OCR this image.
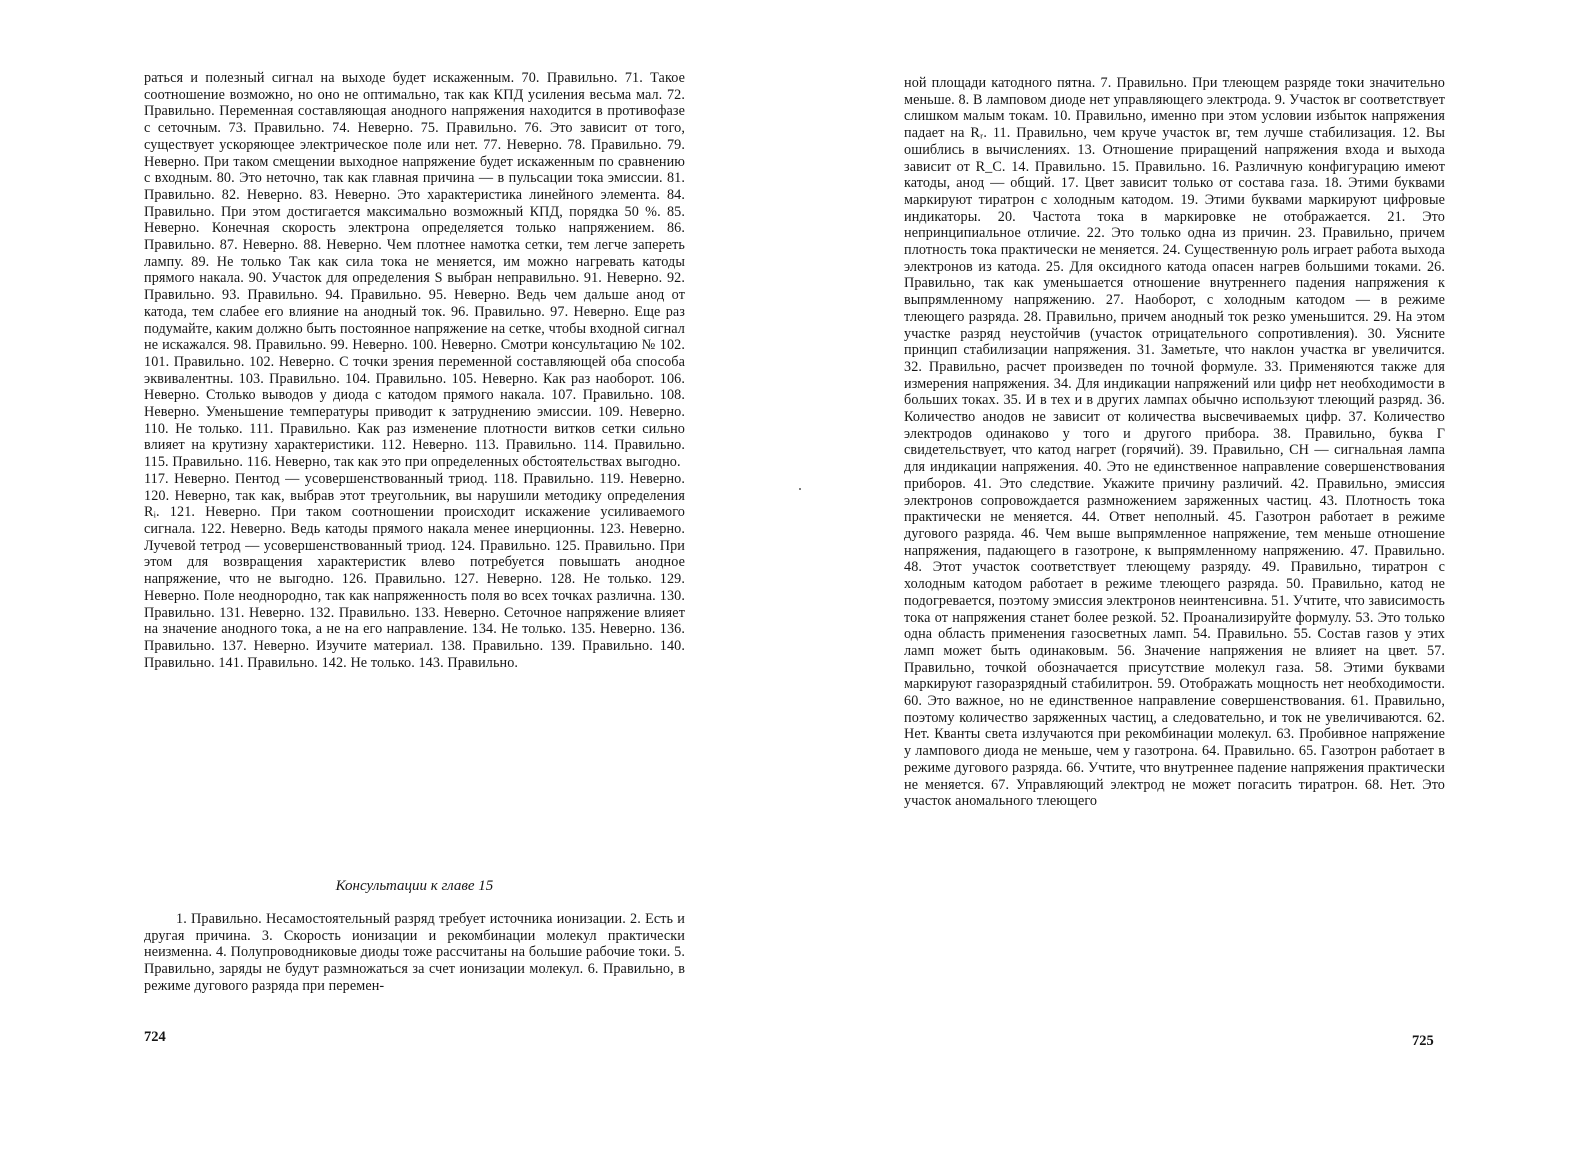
раться и полезный сигнал на выходе будет искаженным. 70. Правильно. 71. Такое соотношение возможно, но оно не оптимально, так как КПД усиления весьма мал. 72. Правильно. Переменная составляющая анодного напряжения находится в противофазе с сеточным. 73. Правильно. 74. Неверно. 75. Правильно. 76. Это зависит от того, существует ускоряющее электрическое поле или нет. 77. Неверно. 78. Правильно. 79. Неверно. При таком смещении выходное напряжение будет искаженным по сравнению с входным. 80. Это неточно, так как главная причина — в пульсации тока эмиссии. 81. Правильно. 82. Неверно. 83. Неверно. Это характеристика линейного элемента. 84. Правильно. При этом достигается максимально возможный КПД, порядка 50 %. 85. Неверно. Конечная скорость электрона определяется только напряжением. 86. Правильно. 87. Неверно. 88. Неверно. Чем плотнее намотка сетки, тем легче запереть лампу. 89. Не только Так как сила тока не меняется, им можно нагревать катоды прямого накала. 90. Участок для определения S выбран неправильно. 91. Неверно. 92. Правильно. 93. Правильно. 94. Правильно. 95. Неверно. Ведь чем дальше анод от катода, тем слабее его влияние на анодный ток. 96. Правильно. 97. Неверно. Еще раз подумайте, каким должно быть постоянное напряжение на сетке, чтобы входной сигнал не искажался. 98. Правильно. 99. Неверно. 100. Неверно. Смотри консультацию № 102. 101. Правильно. 102. Неверно. С точки зрения переменной составляющей оба способа эквивалентны. 103. Правильно. 104. Правильно. 105. Неверно. Как раз наоборот. 106. Неверно. Столько выводов у диода с катодом прямого накала. 107. Правильно. 108. Неверно. Уменьшение температуры приводит к затруднению эмиссии. 109. Неверно. 110. Не только. 111. Правильно. Как раз изменение плотности витков сетки сильно влияет на крутизну характеристики. 112. Неверно. 113. Правильно. 114. Правильно. 115. Правильно. 116. Неверно, так как это при определенных обстоятельствах выгодно.

117. Неверно. Пентод — усовершенствованный триод. 118. Правильно. 119. Неверно. 120. Неверно, так как, выбрав этот треугольник, вы нарушили методику определения Rᵢ. 121. Неверно. При таком соотношении происходит искажение усиливаемого сигнала. 122. Неверно. Ведь катоды прямого накала менее инерционны. 123. Неверно. Лучевой тетрод — усовершенствованный триод. 124. Правильно. 125. Правильно. При этом для возвращения характеристик влево потребуется повышать анодное напряжение, что не выгодно. 126. Правильно. 127. Неверно. 128. Не только. 129. Неверно. Поле неоднородно, так как напряженность поля во всех точках различна. 130. Правильно. 131. Неверно. 132. Правильно. 133. Неверно. Сеточное напряжение влияет на значение анодного тока, а не на его направление. 134. Не только. 135. Неверно. 136. Правильно. 137. Неверно. Изучите материал. 138. Правильно. 139. Правильно. 140. Правильно. 141. Правильно. 142. Не только. 143. Правильно.

Консультации к главе 15

1. Правильно. Несамостоятельный разряд требует источника ионизации. 2. Есть и другая причина. 3. Скорость ионизации и рекомбинации молекул практически неизменна. 4. Полупроводниковые диоды тоже рассчитаны на большие рабочие токи. 5. Правильно, заряды не будут размножаться за счет ионизации молекул. 6. Правильно, в режиме дугового разряда при перемен-

724

ной площади катодного пятна. 7. Правильно. При тлеющем разряде токи значительно меньше. 8. В ламповом диоде нет управляющего электрода. 9. Участок вг соответствует слишком малым токам. 10. Правильно, именно при этом условии избыток напряжения падает на Rᵣ. 11. Правильно, чем круче участок вг, тем лучше стабилизация. 12. Вы ошиблись в вычислениях. 13. Отношение приращений напряжения входа и выхода зависит от R_C. 14. Правильно. 15. Правильно. 16. Различную конфигурацию имеют катоды, анод — общий. 17. Цвет зависит только от состава газа. 18. Этими буквами маркируют тиратрон с холодным катодом. 19. Этими буквами маркируют цифровые индикаторы. 20. Частота тока в маркировке не отображается. 21. Это непринципиальное отличие. 22. Это только одна из причин. 23. Правильно, причем плотность тока практически не меняется. 24. Существенную роль играет работа выхода электронов из катода. 25. Для оксидного катода опасен нагрев большими токами. 26. Правильно, так как уменьшается отношение внутреннего падения напряжения к выпрямленному напряжению. 27. Наоборот, с холодным катодом — в режиме тлеющего разряда. 28. Правильно, причем анодный ток резко уменьшится. 29. На этом участке разряд неустойчив (участок отрицательного сопротивления). 30. Уясните принцип стабилизации напряжения. 31. Заметьте, что наклон участка вг увеличится. 32. Правильно, расчет произведен по точной формуле. 33. Применяются также для измерения напряжения. 34. Для индикации напряжений или цифр нет необходимости в больших токах. 35. И в тех и в других лампах обычно используют тлеющий разряд. 36. Количество анодов не зависит от количества высвечиваемых цифр. 37. Количество электродов одинаково у того и другого прибора. 38. Правильно, буква Г свидетельствует, что катод нагрет (горячий). 39. Правильно, СН — сигнальная лампа для индикации напряжения. 40. Это не единственное направление совершенствования приборов. 41. Это следствие. Укажите причину различий. 42. Правильно, эмиссия электронов сопровождается размножением заряженных частиц. 43. Плотность тока практически не меняется. 44. Ответ неполный. 45. Газотрон работает в режиме дугового разряда. 46. Чем выше выпрямленное напряжение, тем меньше отношение напряжения, падающего в газотроне, к выпрямленному напряжению. 47. Правильно. 48. Этот участок соответствует тлеющему разряду. 49. Правильно, тиратрон с холодным катодом работает в режиме тлеющего разряда. 50. Правильно, катод не подогревается, поэтому эмиссия электронов неинтенсивна. 51. Учтите, что зависимость тока от напряжения станет более резкой. 52. Проанализируйте формулу. 53. Это только одна область применения газосветных ламп. 54. Правильно. 55. Состав газов у этих ламп может быть одинаковым. 56. Значение напряжения не влияет на цвет. 57. Правильно, точкой обозначается присутствие молекул газа. 58. Этими буквами маркируют газоразрядный стабилитрон. 59. Отображать мощность нет необходимости. 60. Это важное, но не единственное направление совершенствования. 61. Правильно, поэтому количество заряженных частиц, а следовательно, и ток не увеличиваются. 62. Нет. Кванты света излучаются при рекомбинации молекул. 63. Пробивное напряжение у лампового диода не меньше, чем у газотрона. 64. Правильно. 65. Газотрон работает в режиме дугового разряда. 66. Учтите, что внутреннее падение напряжения практически не меняется. 67. Управляющий электрод не может погасить тиратрон. 68. Нет. Это участок аномального тлеющего

725
